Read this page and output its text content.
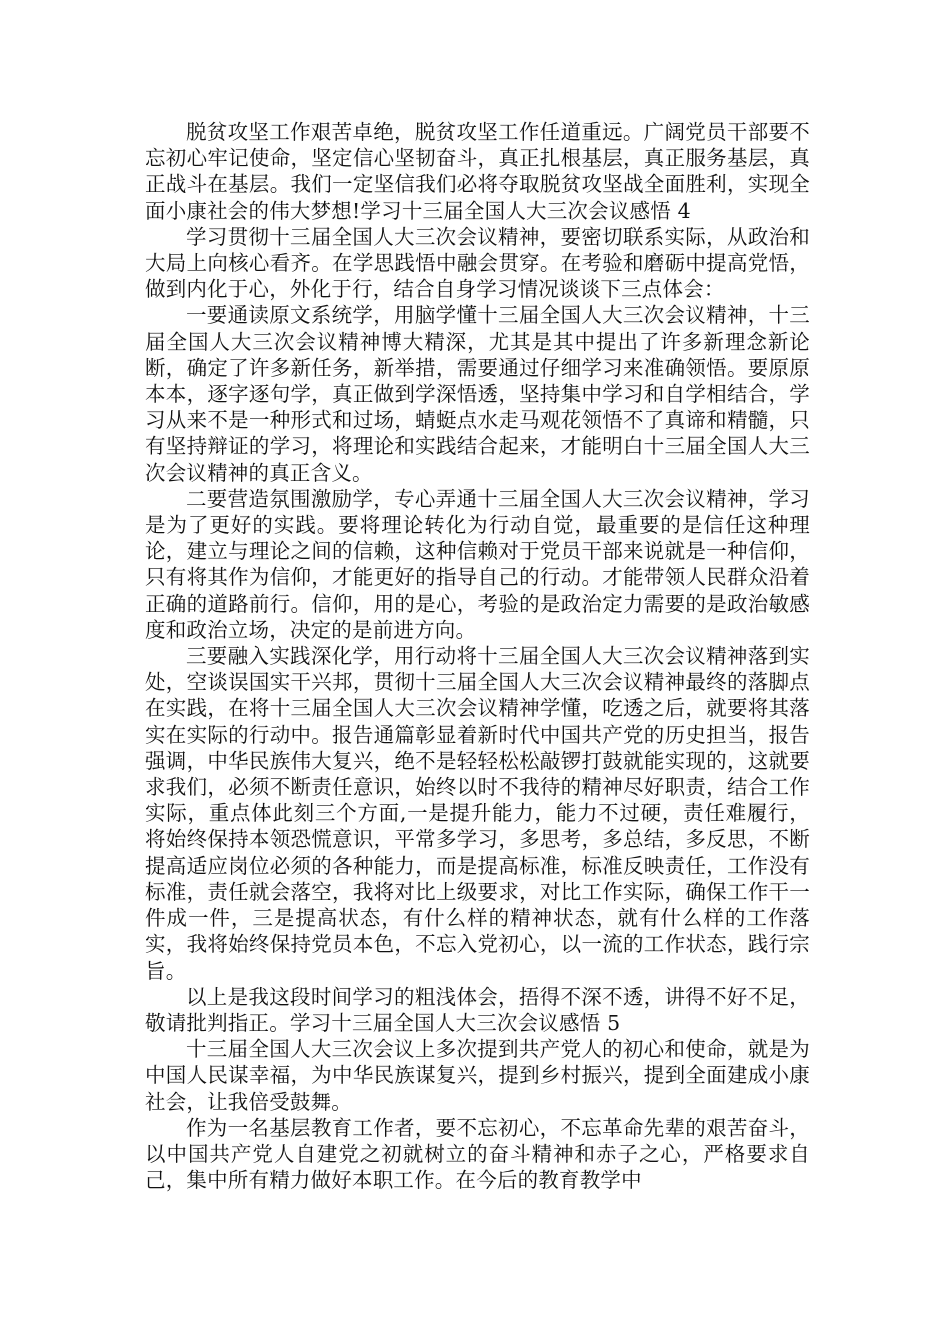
脱贫攻坚工作艰苦卓绝，脱贫攻坚工作任道重远。广阔党员干部要不忘初心牢记使命，坚定信心坚韧奋斗，真正扎根基层，真正服务基层，真正战斗在基层。我们一定坚信我们必将夺取脱贫攻坚战全面胜利，实现全面小康社会的伟大梦想!学习十三届全国人大三次会议感悟 4

学习贯彻十三届全国人大三次会议精神，要密切联系实际，从政治和大局上向核心看齐。在学思践悟中融会贯穿。在考验和磨砺中提高党悟，做到内化于心，外化于行，结合自身学习情况谈谈下三点体会：

一要通读原文系统学，用脑学懂十三届全国人大三次会议精神，十三届全国人大三次会议精神博大精深，尤其是其中提出了许多新理念新论断，确定了许多新任务，新举措，需要通过仔细学习来准确领悟。要原原本本，逐字逐句学，真正做到学深悟透，坚持集中学习和自学相结合，学习从来不是一种形式和过场，蜻蜓点水走马观花领悟不了真谛和精髓，只有坚持辩证的学习，将理论和实践结合起来，才能明白十三届全国人大三次会议精神的真正含义。

二要营造氛围激励学，专心弄通十三届全国人大三次会议精神，学习是为了更好的实践。要将理论转化为行动自觉，最重要的是信任这种理论，建立与理论之间的信赖，这种信赖对于党员干部来说就是一种信仰，只有将其作为信仰，才能更好的指导自己的行动。才能带领人民群众沿着正确的道路前行。信仰，用的是心，考验的是政治定力需要的是政治敏感度和政治立场，决定的是前进方向。

三要融入实践深化学，用行动将十三届全国人大三次会议精神落到实处，空谈误国实干兴邦，贯彻十三届全国人大三次会议精神最终的落脚点在实践，在将十三届全国人大三次会议精神学懂，吃透之后，就要将其落实在实际的行动中。报告通篇彰显着新时代中国共产党的历史担当，报告强调，中华民族伟大复兴，绝不是轻轻松松敲锣打鼓就能实现的，这就要求我们，必须不断责任意识，始终以时不我待的精神尽好职责，结合工作实际，重点体此刻三个方面,一是提升能力，能力不过硬，责任难履行，将始终保持本领恐慌意识，平常多学习，多思考，多总结，多反思，不断提高适应岗位必须的各种能力，而是提高标准，标准反映责任，工作没有标准，责任就会落空，我将对比上级要求，对比工作实际，确保工作干一件成一件，三是提高状态，有什么样的精神状态，就有什么样的工作落实，我将始终保持党员本色，不忘入党初心，以一流的工作状态，践行宗旨。

以上是我这段时间学习的粗浅体会，捂得不深不透，讲得不好不足，敬请批判指正。学习十三届全国人大三次会议感悟 5

十三届全国人大三次会议上多次提到共产党人的初心和使命，就是为中国人民谋幸福，为中华民族谋复兴，提到乡村振兴，提到全面建成小康社会，让我倍受鼓舞。

作为一名基层教育工作者，要不忘初心，不忘革命先辈的艰苦奋斗，以中国共产党人自建党之初就树立的奋斗精神和赤子之心，严格要求自己，集中所有精力做好本职工作。在今后的教育教学中
